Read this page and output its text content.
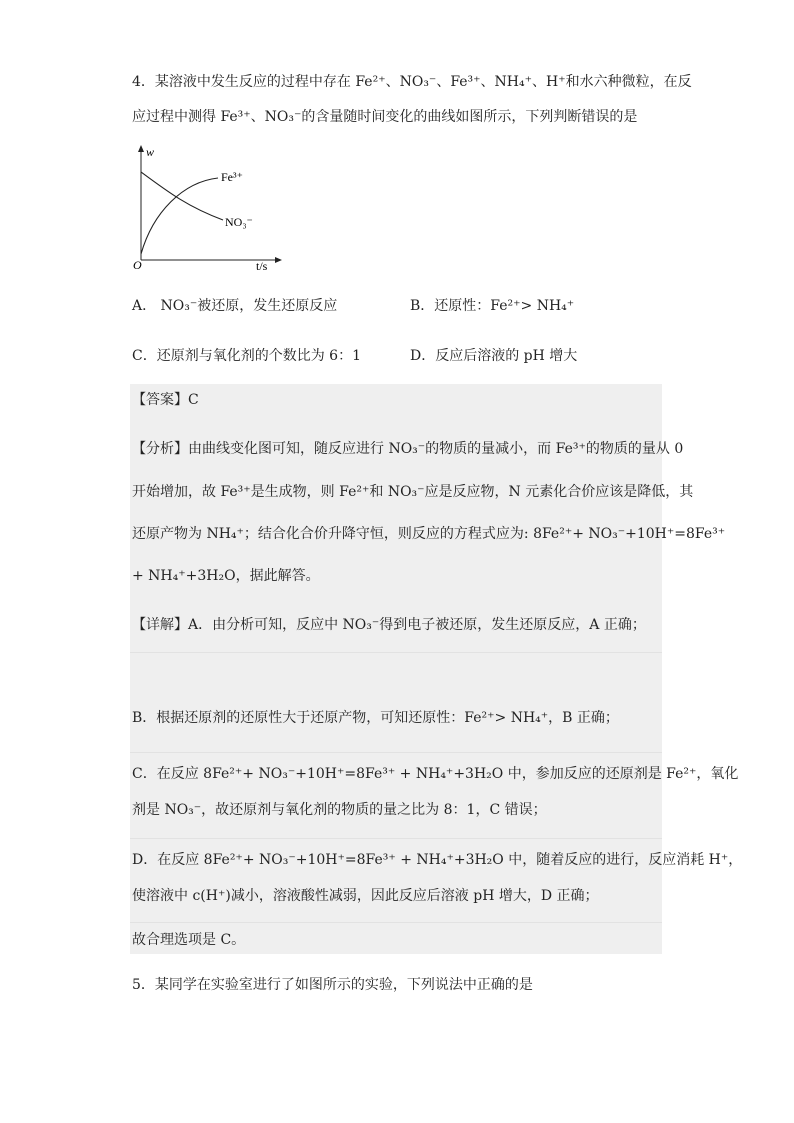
4．某溶液中发生反应的过程中存在 Fe²⁺、NO₃⁻、Fe³⁺、NH₄⁺、H⁺和水六种微粒，在反
应过程中测得 Fe³⁺、NO₃⁻的含量随时间变化的曲线如图所示，下列判断错误的是
w
O	t/s
Fe³⁺
NO₃⁻
A． NO₃⁻被还原，发生还原反应	B．还原性：Fe²⁺> NH₄⁺
C．还原剂与氧化剂的个数比为 6：1	D．反应后溶液的 pH 增大
【答案】C
【分析】由曲线变化图可知，随反应进行 NO₃⁻的物质的量减小，而 Fe³⁺的物质的量从 0
开始增加，故 Fe³⁺是生成物，则 Fe²⁺和 NO₃⁻应是反应物，N 元素化合价应该是降低，其
还原产物为 NH₄⁺；结合化合价升降守恒，则反应的方程式应为: 8Fe²⁺+ NO₃⁻+10H⁺=8Fe³⁺
+ NH₄⁺+3H₂O，据此解答。
【详解】A．由分析可知，反应中 NO₃⁻得到电子被还原，发生还原反应，A 正确；
B．根据还原剂的还原性大于还原产物，可知还原性：Fe²⁺> NH₄⁺，B 正确；
C．在反应 8Fe²⁺+ NO₃⁻+10H⁺=8Fe³⁺ + NH₄⁺+3H₂O 中，参加反应的还原剂是 Fe²⁺，氧化
剂是 NO₃⁻，故还原剂与氧化剂的物质的量之比为 8：1，C 错误；
D．在反应 8Fe²⁺+ NO₃⁻+10H⁺=8Fe³⁺ + NH₄⁺+3H₂O 中，随着反应的进行，反应消耗 H⁺，
使溶液中 c(H⁺)减小，溶液酸性减弱，因此反应后溶液 pH 增大，D 正确；
故合理选项是 C。
5．某同学在实验室进行了如图所示的实验，下列说法中正确的是
